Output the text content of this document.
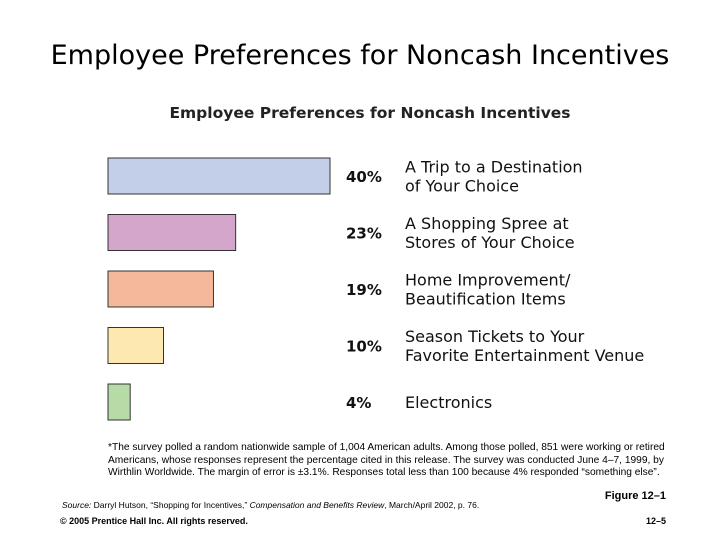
Employee Preferences for Noncash Incentives
Employee Preferences for Noncash Incentives
40%
A Trip to a Destination
of Your Choice
23%
A Shopping Spree at
Stores of Your Choice
19%
Home Improvement/
Beautification Items
10%
Season Tickets to Your
Favorite Entertainment Venue
4% Electronics
*The survey polled a random nationwide sample of 1,004 American adults. Among those polled, 851 were working or retired Americans, whose responses represent the percentage cited in this release. The survey was conducted June 4–7, 1999, by Wirthlin Worldwide. The margin of error is ±3.1%. Responses total less than 100 because 4% responded “something else”.
Figure 12–1
Source: Darryl Hutson, “Shopping for Incentives,” Compensation and Benefits Review, March/April 2002, p. 76.
© 2005 Prentice Hall Inc. All rights reserved.	12–5
